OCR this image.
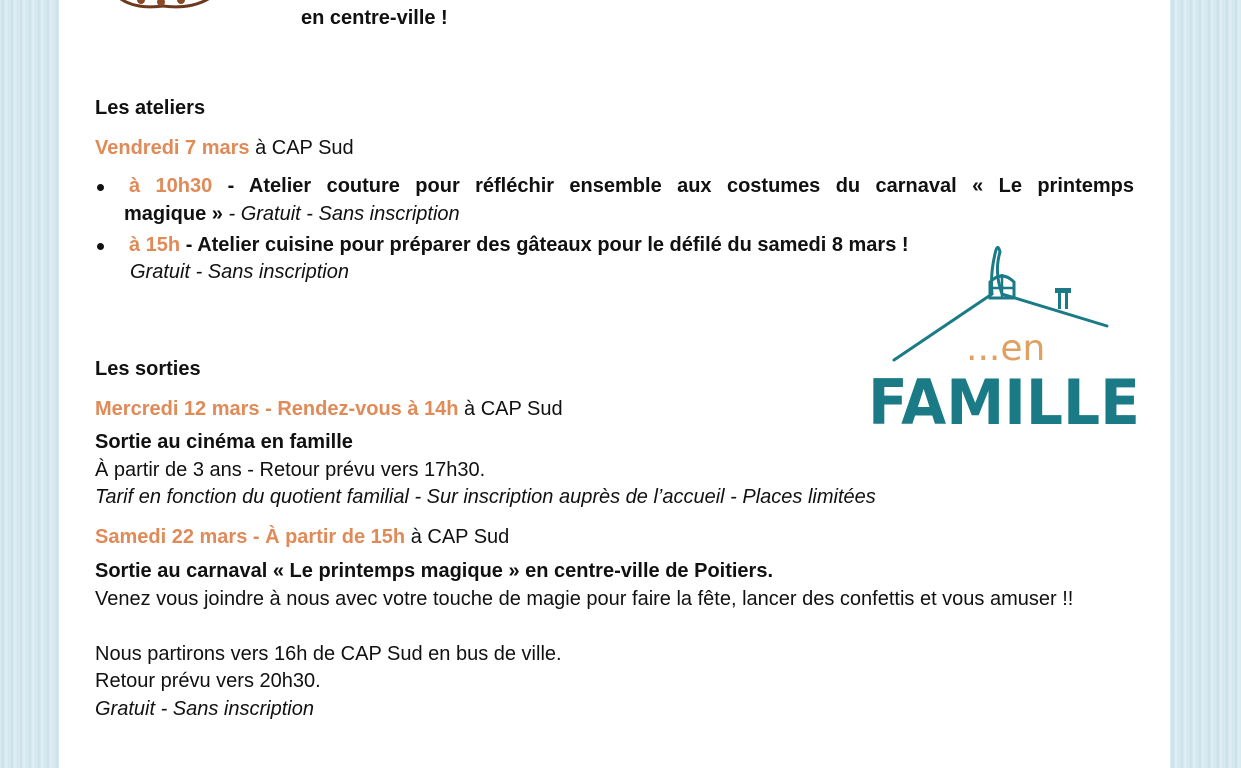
en centre-ville !
Les ateliers
Vendredi 7 mars à CAP Sud
à 10h30 - Atelier couture pour réfléchir ensemble aux costumes du carnaval « Le printemps
magique » - Gratuit - Sans inscription
à 15h - Atelier cuisine pour préparer des gâteaux pour le défilé du samedi 8 mars !
Gratuit - Sans inscription
Les sorties
Mercredi 12 mars - Rendez-vous à 14h à CAP Sud
Sortie au cinéma en famille
À partir de 3 ans - Retour prévu vers 17h30.
Tarif en fonction du quotient familial - Sur inscription auprès de l’accueil - Places limitées
Samedi 22 mars - À partir de 15h à CAP Sud
Sortie au carnaval « Le printemps magique » en centre-ville de Poitiers.
Venez vous joindre à nous avec votre touche de magie pour faire la fête, lancer des confettis et vous amuser !!
Nous partirons vers 16h de CAP Sud en bus de ville.
Retour prévu vers 20h30.
Gratuit - Sans inscription
...en
FAMILLE
